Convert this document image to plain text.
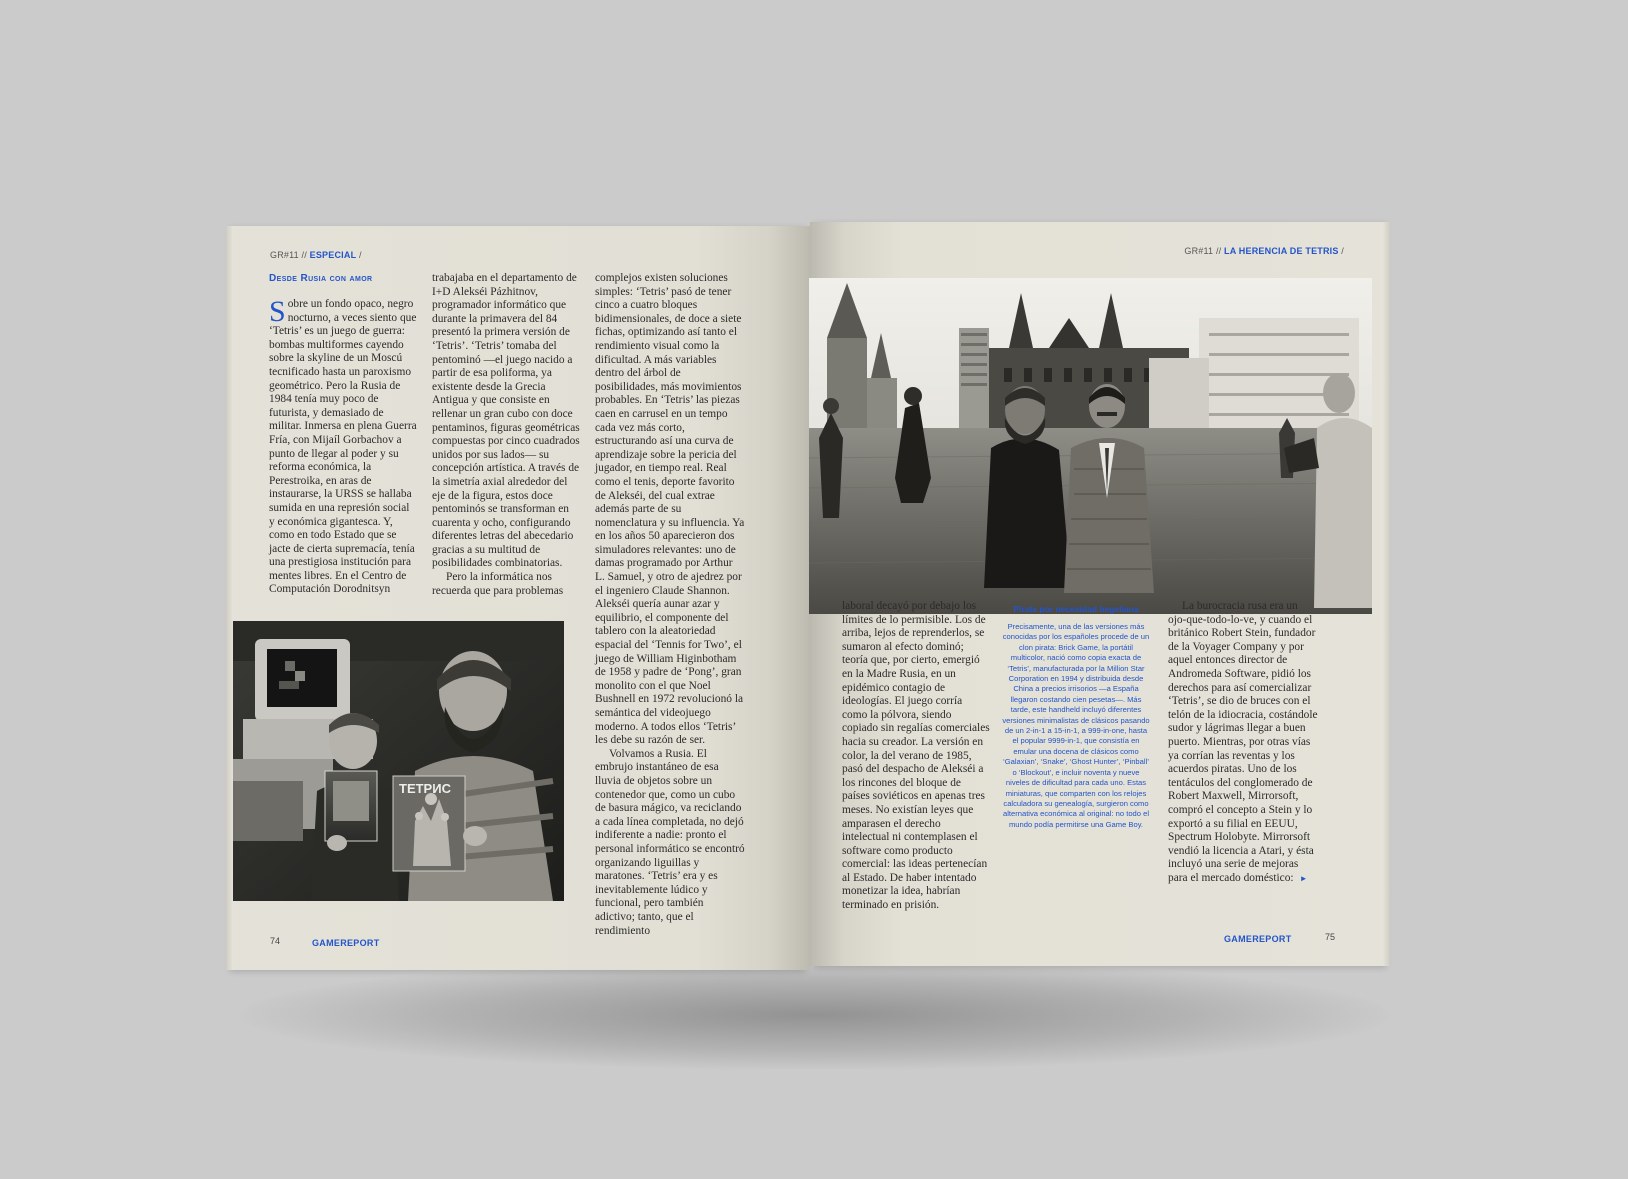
GR#11 // ESPECIAL /
Desde Rusia con amor

Sobre un fondo opaco, negro nocturno, a veces siento que ‘Tetris’ es un juego de guerra: bombas multiformes cayendo sobre la skyline de un Moscú tecnificado hasta un paroxismo geométrico. Pero la Rusia de 1984 tenía muy poco de futurista, y demasiado de militar. Inmersa en plena Guerra Fría, con Mijaíl Gorbachov a punto de llegar al poder y su reforma económica, la Perestroika, en aras de instaurarse, la URSS se hallaba sumida en una represión social y económica gigantesca. Y, como en todo Estado que se jacte de cierta supremacía, tenía una prestigiosa institución para mentes libres. En el Centro de Computación Dorodnitsyn

trabajaba en el departamento de I+D Alekséi Pázhitnov, programador informático que durante la primavera del 84 presentó la primera versión de ‘Tetris’. ‘Tetris’ tomaba del pentominó —el juego nacido a partir de esa poliforma, ya existente desde la Grecia Antigua y que consiste en rellenar un gran cubo con doce pentaminos, figuras geométricas compuestas por cinco cuadrados unidos por sus lados— su concepción artística. A través de la simetría axial alrededor del eje de la figura, estos doce pentominós se transforman en cuarenta y ocho, configurando diferentes letras del abecedario gracias a su multitud de posibilidades combinatorias.

Pero la informática nos recuerda que para problemas

complejos existen soluciones simples: ‘Tetris’ pasó de tener cinco a cuatro bloques bidimensionales, de doce a siete fichas, optimizando así tanto el rendimiento visual como la dificultad. A más variables dentro del árbol de posibilidades, más movimientos probables. En ‘Tetris’ las piezas caen en carrusel en un tempo cada vez más corto, estructurando así una curva de aprendizaje sobre la pericia del jugador, en tiempo real. Real como el tenis, deporte favorito de Alekséi, del cual extrae además parte de su nomenclatura y su influencia. Ya en los años 50 aparecieron dos simuladores relevantes: uno de damas programado por Arthur L. Samuel, y otro de ajedrez por el ingeniero Claude Shannon. Alekséi quería aunar azar y equilibrio, el componente del tablero con la aleatoriedad espacial del ‘Tennis for Two’, el juego de William Higinbotham de 1958 y padre de ‘Pong’, gran monolito con el que Noel Bushnell en 1972 revolucionó la semántica del videojuego moderno. A todos ellos ‘Tetris’ les debe su razón de ser.

Volvamos a Rusia. El embrujo instantáneo de esa lluvia de objetos sobre un contenedor que, como un cubo de basura mágico, va reciclando a cada línea completada, no dejó indiferente a nadie: pronto el personal informático se encontró organizando liguillas y maratones. ‘Tetris’ era y es inevitablemente lúdico y funcional, pero también adictivo; tanto, que el rendimiento

ТЕТРИС
74	GAMEREPORT
GR#11 // LA HERENCIA DE TETRIS /

laboral decayó por debajo los límites de lo permisible. Los de arriba, lejos de reprenderlos, se sumaron al efecto dominó; teoría que, por cierto, emergió en la Madre Rusia, en un epidémico contagio de ideologías. El juego corría como la pólvora, siendo copiado sin regalías comerciales hacia su creador. La versión en color, la del verano de 1985, pasó del despacho de Alekséi a los rincones del bloque de países soviéticos en apenas tres meses. No existían leyes que amparasen el derecho intelectual ni contemplasen el software como producto comercial: las ideas pertenecían al Estado. De haber intentado monetizar la idea, habrían terminado en prisión.

Pirata por necesidad hegeliana
Precisamente, una de las versiones más conocidas por los españoles procede de un clon pirata: Brick Game, la portátil multicolor, nació como copia exacta de ‘Tetris’, manufacturada por la Million Star Corporation en 1994 y distribuida desde China a precios irrisorios —a España llegaron costando cien pesetas—. Más tarde, este handheld incluyó diferentes versiones minimalistas de clásicos pasando de un 2-in-1 a 15-in-1, a 999-in-one, hasta el popular 9999-in-1, que consistía en emular una docena de clásicos como ‘Galaxian’, ‘Snake’, ‘Ghost Hunter’, ‘Pinball’ o ‘Blockout’, e incluir noventa y nueve niveles de dificultad para cada uno. Estas miniaturas, que comparten con los relojes calculadora su genealogía, surgieron como alternativa económica al original: no todo el mundo podía permitirse una Game Boy.

La burocracia rusa era un ojo-que-todo-lo-ve, y cuando el británico Robert Stein, fundador de la Voyager Company y por aquel entonces director de Andromeda Software, pidió los derechos para así comercializar ‘Tetris’, se dio de bruces con el telón de la idiocracia, costándole sudor y lágrimas llegar a buen puerto. Mientras, por otras vías ya corrían las reventas y los acuerdos piratas. Uno de los tentáculos del conglomerado de Robert Maxwell, Mirrorsoft, compró el concepto a Stein y lo exportó a su filial en EEUU, Spectrum Holobyte. Mirrorsoft vendió la licencia a Atari, y ésta incluyó una serie de mejoras para el mercado doméstico: ►

GAMEREPORT	75
